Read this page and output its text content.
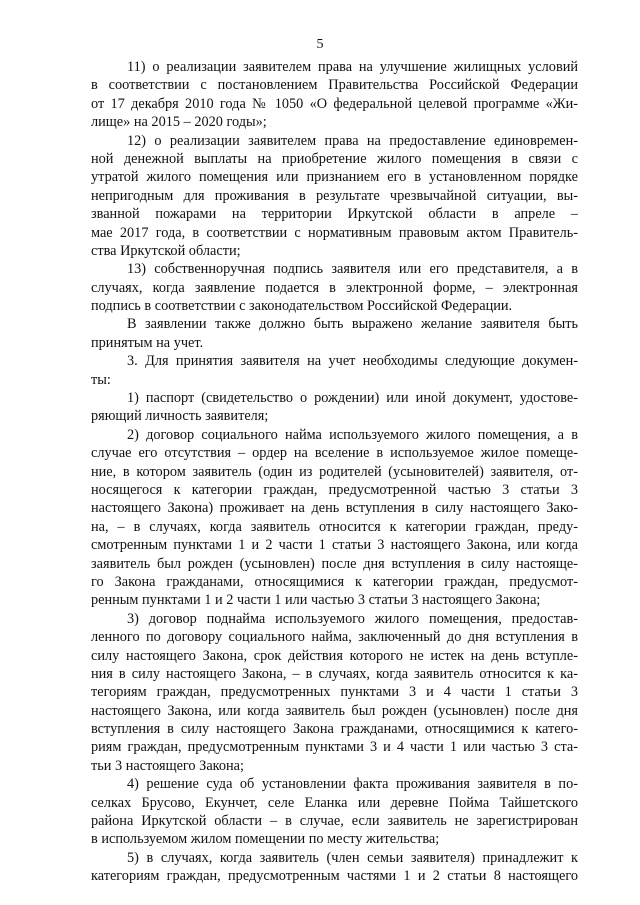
5
11) о реализации заявителем права на улучшение жилищных условий
в соответствии с постановлением Правительства Российской Федерации
от 17 декабря 2010 года № 1050 «О федеральной целевой программе «Жи-
лище» на 2015 – 2020 годы»;
12) о реализации заявителем права на предоставление единовремен-
ной денежной выплаты на приобретение жилого помещения в связи с
утратой жилого помещения или признанием его в установленном порядке
непригодным для проживания в результате чрезвычайной ситуации, вы-
званной пожарами на территории Иркутской области в апреле –
мае 2017 года, в соответствии с нормативным правовым актом Правитель-
ства Иркутской области;
13) собственноручная подпись заявителя или его представителя, а в
случаях, когда заявление подается в электронной форме, – электронная
подпись в соответствии с законодательством Российской Федерации.
В заявлении также должно быть выражено желание заявителя быть
принятым на учет.
3. Для принятия заявителя на учет необходимы следующие докумен-
ты:
1) паспорт (свидетельство о рождении) или иной документ, удостове-
ряющий личность заявителя;
2) договор социального найма используемого жилого помещения, а в
случае его отсутствия – ордер на вселение в используемое жилое помеще-
ние, в котором заявитель (один из родителей (усыновителей) заявителя, от-
носящегося к категории граждан, предусмотренной частью 3 статьи 3
настоящего Закона) проживает на день вступления в силу настоящего Зако-
на, – в случаях, когда заявитель относится к категории граждан, преду-
смотренным пунктами 1 и 2 части 1 статьи 3 настоящего Закона, или когда
заявитель был рожден (усыновлен) после дня вступления в силу настояще-
го Закона гражданами, относящимися к категории граждан, предусмот-
ренным пунктами 1 и 2 части 1 или частью 3 статьи 3 настоящего Закона;
3) договор поднайма используемого жилого помещения, предостав-
ленного по договору социального найма, заключенный до дня вступления в
силу настоящего Закона, срок действия которого не истек на день вступле-
ния в силу настоящего Закона, – в случаях, когда заявитель относится к ка-
тегориям граждан, предусмотренных пунктами 3 и 4 части 1 статьи 3
настоящего Закона, или когда заявитель был рожден (усыновлен) после дня
вступления в силу настоящего Закона гражданами, относящимися к катего-
риям граждан, предусмотренным пунктами 3 и 4 части 1 или частью 3 ста-
тьи 3 настоящего Закона;
4) решение суда об установлении факта проживания заявителя в по-
селках Брусово, Екунчет, селе Еланка или деревне Пойма Тайшетского
района Иркутской области – в случае, если заявитель не зарегистрирован
в используемом жилом помещении по месту жительства;
5) в случаях, когда заявитель (член семьи заявителя) принадлежит к
категориям граждан, предусмотренным частями 1 и 2 статьи 8 настоящего
